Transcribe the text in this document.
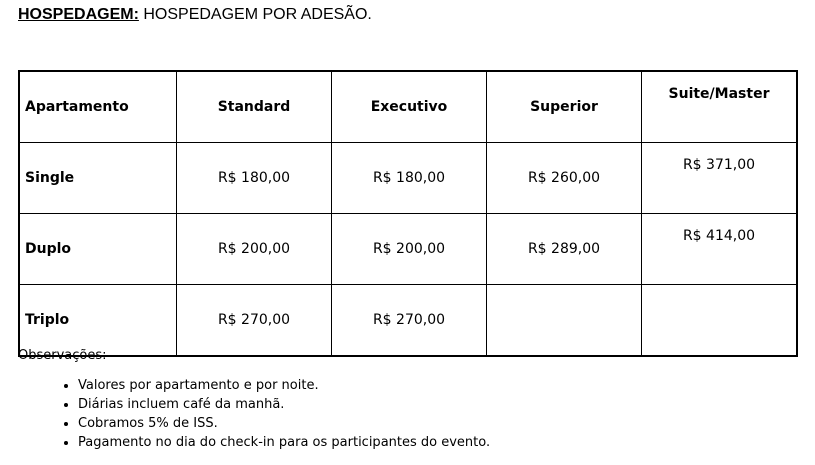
HOSPEDAGEM: HOSPEDAGEM POR ADESÃO.
Apartamento	Standard	Executivo	Superior	Suite/Master
Single	R$ 180,00	R$ 180,00	R$ 260,00	R$ 371,00
Duplo	R$ 200,00	R$ 200,00	R$ 289,00	R$ 414,00
Triplo	R$ 270,00	R$ 270,00		
Observações:
• Valores por apartamento e por noite.
• Diárias incluem café da manhã.
• Cobramos 5% de ISS.
• Pagamento no dia do check-in para os participantes do evento.
